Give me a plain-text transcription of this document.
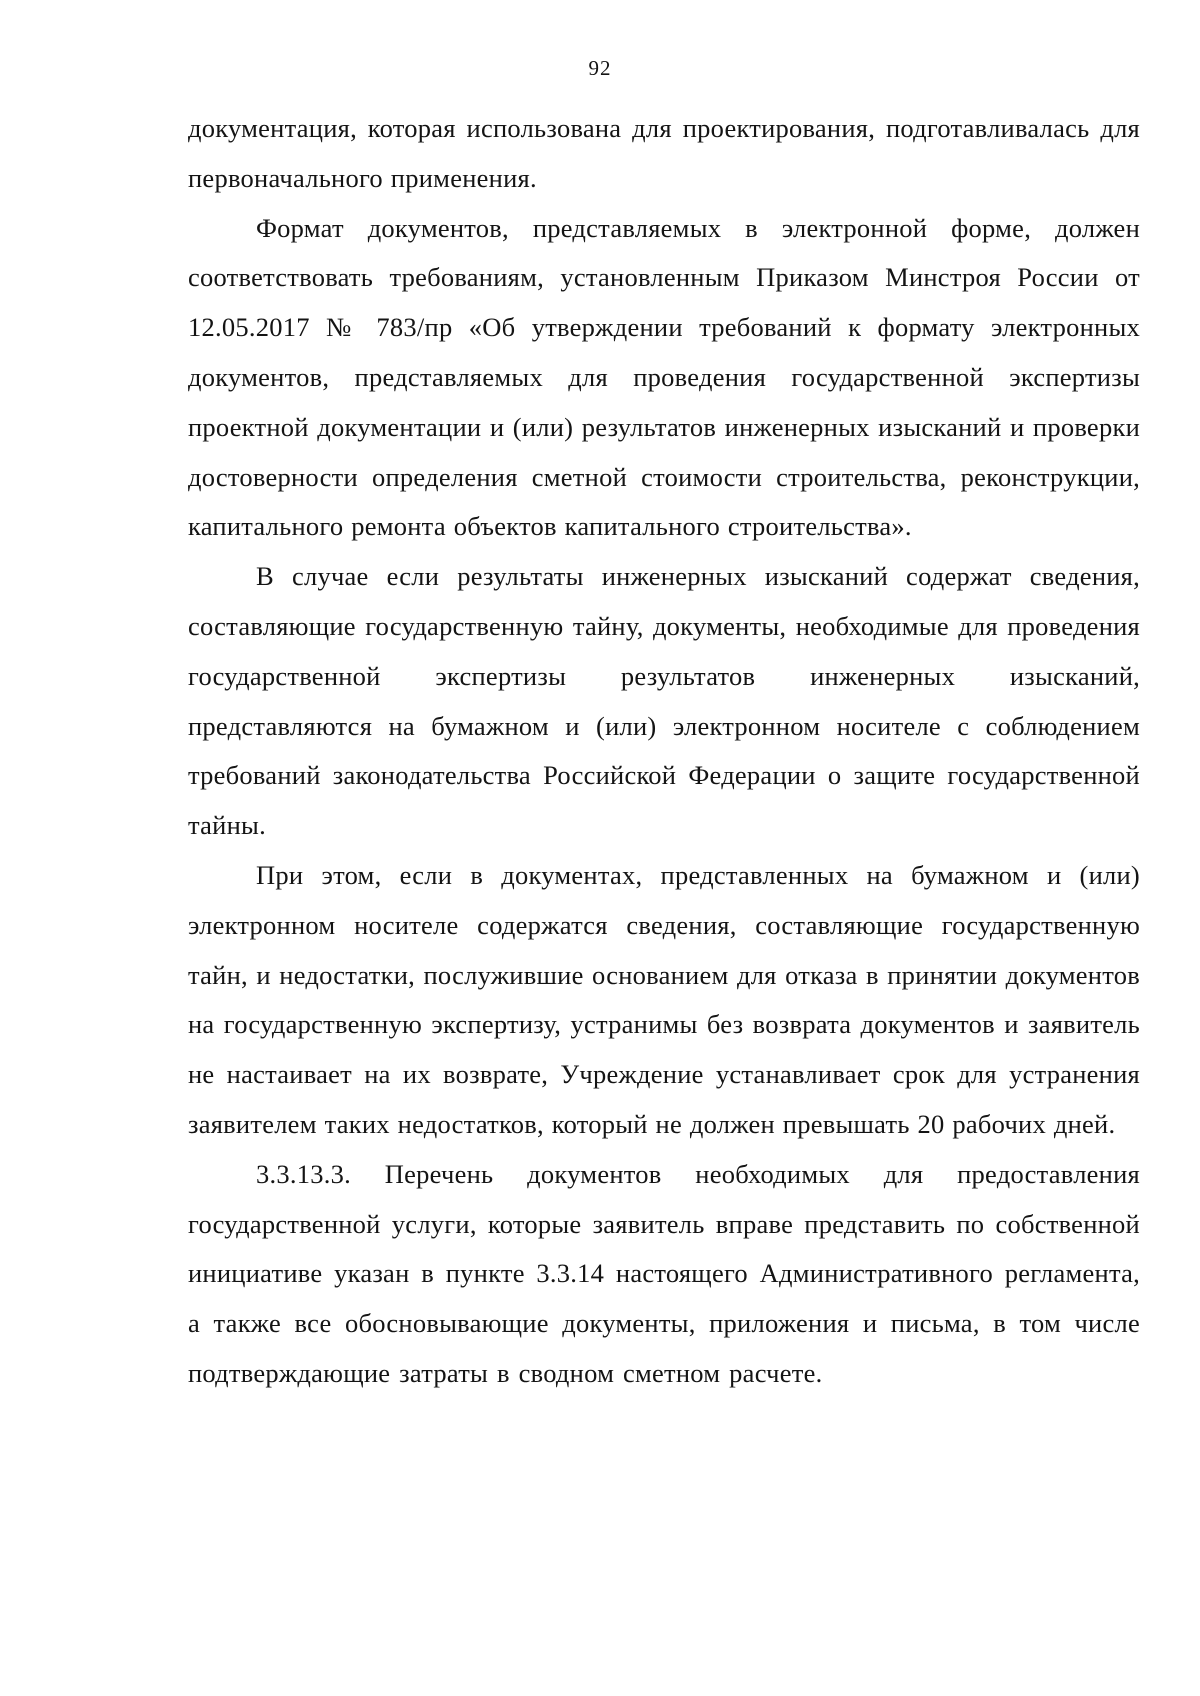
92

документация, которая использована для проектирования, подготавливалась для первоначального применения.

Формат документов, представляемых в электронной форме, должен соответствовать требованиям, установленным Приказом Минстроя России от 12.05.2017 № 783/пр «Об утверждении требований к формату электронных документов, представляемых для проведения государственной экспертизы проектной документации и (или) результатов инженерных изысканий и проверки достоверности определения сметной стоимости строительства, реконструкции, капитального ремонта объектов капитального строительства».

В случае если результаты инженерных изысканий содержат сведения, составляющие государственную тайну, документы, необходимые для проведения государственной экспертизы результатов инженерных изысканий, представляются на бумажном и (или) электронном носителе с соблюдением требований законодательства Российской Федерации о защите государственной тайны.

При этом, если в документах, представленных на бумажном и (или) электронном носителе содержатся сведения, составляющие государственную тайн, и недостатки, послужившие основанием для отказа в принятии документов на государственную экспертизу, устранимы без возврата документов и заявитель не настаивает на их возврате, Учреждение устанавливает срок для устранения заявителем таких недостатков, который не должен превышать 20 рабочих дней.

3.3.13.3. Перечень документов необходимых для предоставления государственной услуги, которые заявитель вправе представить по собственной инициативе указан в пункте 3.3.14 настоящего Административного регламента, а также все обосновывающие документы, приложения и письма, в том числе подтверждающие затраты в сводном сметном расчете.
